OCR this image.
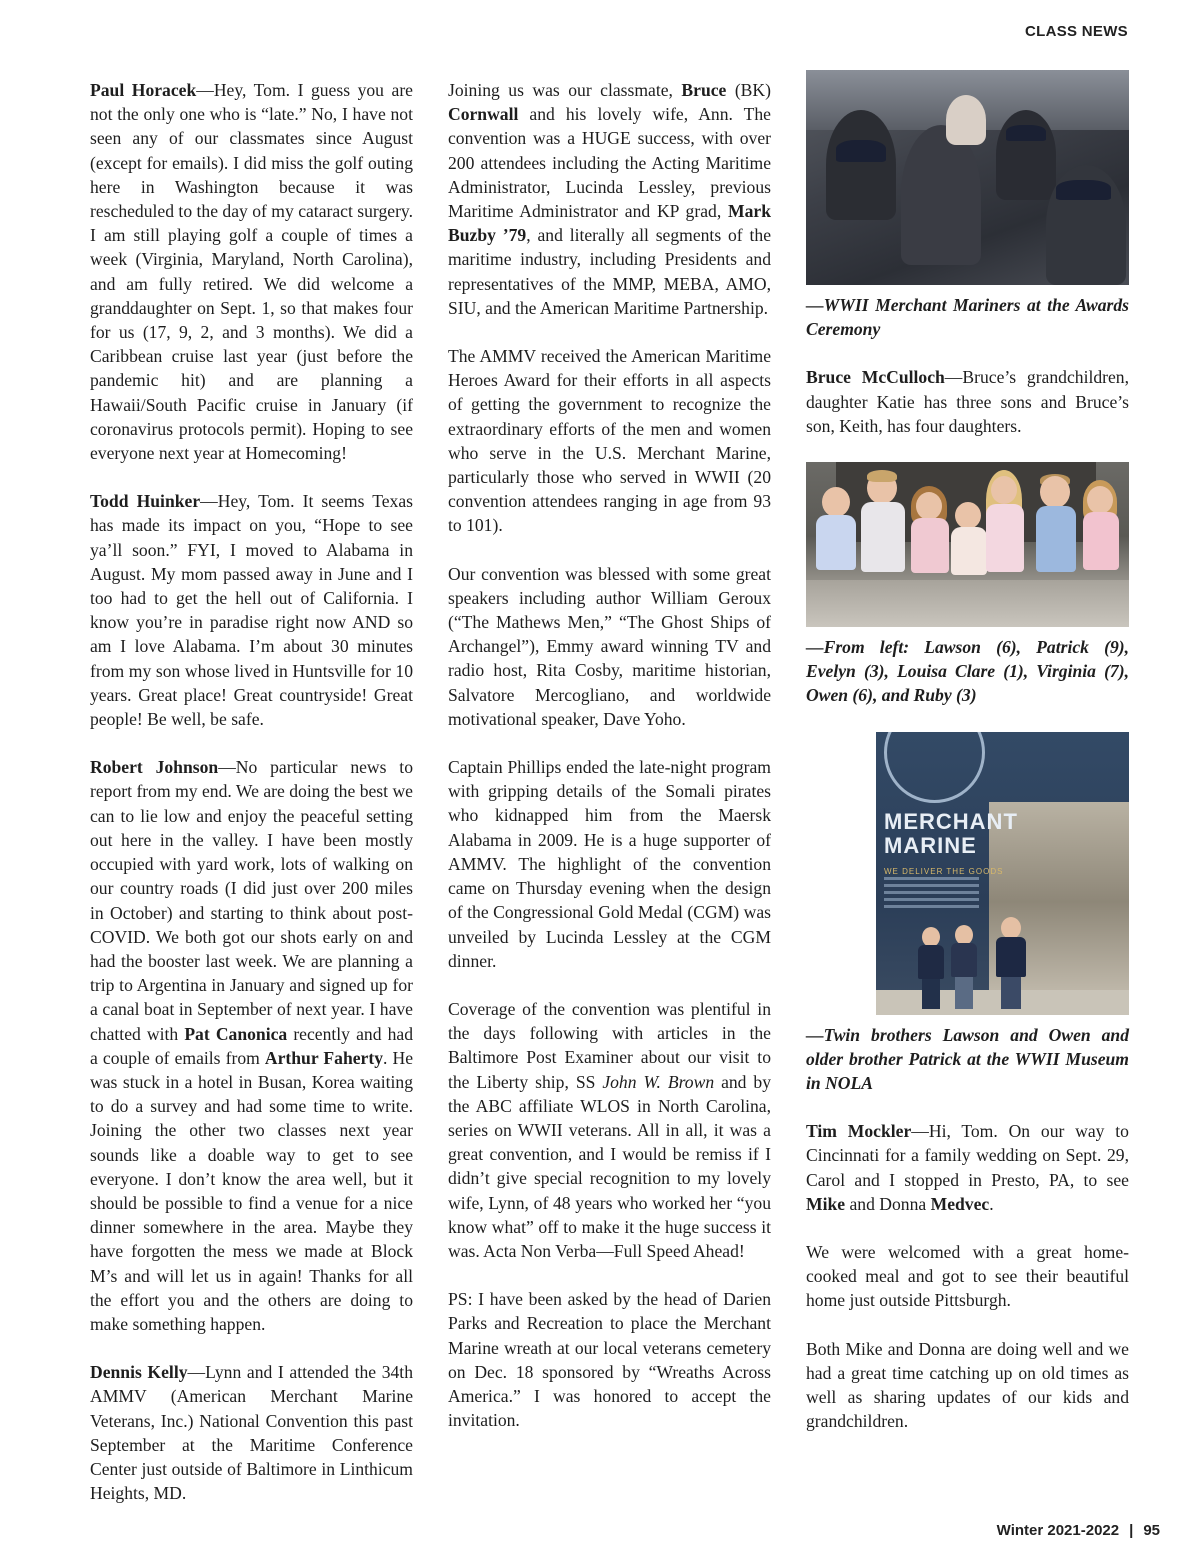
CLASS NEWS

Paul Horacek—Hey, Tom. I guess you are not the only one who is “late.” No, I have not seen any of our classmates since August (except for emails). I did miss the golf outing here in Washington because it was rescheduled to the day of my cataract surgery. I am still playing golf a couple of times a week (Virginia, Maryland, North Carolina), and am fully retired. We did welcome a granddaughter on Sept. 1, so that makes four for us (17, 9, 2, and 3 months). We did a Caribbean cruise last year (just before the pandemic hit) and are planning a Hawaii/South Pacific cruise in January (if coronavirus protocols permit). Hoping to see everyone next year at Homecoming!

Todd Huinker—Hey, Tom. It seems Texas has made its impact on you, “Hope to see ya’ll soon.” FYI, I moved to Alabama in August. My mom passed away in June and I too had to get the hell out of California. I know you’re in paradise right now AND so am I love Alabama. I’m about 30 minutes from my son whose lived in Huntsville for 10 years. Great place! Great countryside! Great people! Be well, be safe.

Robert Johnson—No particular news to report from my end. We are doing the best we can to lie low and enjoy the peaceful setting out here in the valley. I have been mostly occupied with yard work, lots of walking on our country roads (I did just over 200 miles in October) and starting to think about post-COVID. We both got our shots early on and had the booster last week. We are planning a trip to Argentina in January and signed up for a canal boat in September of next year. I have chatted with Pat Canonica recently and had a couple of emails from Arthur Faherty. He was stuck in a hotel in Busan, Korea waiting to do a survey and had some time to write. Joining the other two classes next year sounds like a doable way to get to see everyone. I don’t know the area well, but it should be possible to find a venue for a nice dinner somewhere in the area. Maybe they have forgotten the mess we made at Block M’s and will let us in again! Thanks for all the effort you and the others are doing to make something happen.

Dennis Kelly—Lynn and I attended the 34th AMMV (American Merchant Marine Veterans, Inc.) National Convention this past September at the Maritime Conference Center just outside of Baltimore in Linthicum Heights, MD.

Joining us was our classmate, Bruce (BK) Cornwall and his lovely wife, Ann. The convention was a HUGE success, with over 200 attendees including the Acting Maritime Administrator, Lucinda Lessley, previous Maritime Administrator and KP grad, Mark Buzby ’79, and literally all segments of the maritime industry, including Presidents and representatives of the MMP, MEBA, AMO, SIU, and the American Maritime Partnership.

The AMMV received the American Maritime Heroes Award for their efforts in all aspects of getting the government to recognize the extraordinary efforts of the men and women who serve in the U.S. Merchant Marine, particularly those who served in WWII (20 convention attendees ranging in age from 93 to 101).

Our convention was blessed with some great speakers including author William Geroux (“The Mathews Men,” “The Ghost Ships of Archangel”), Emmy award winning TV and radio host, Rita Cosby, maritime historian, Salvatore Mercogliano, and worldwide motivational speaker, Dave Yoho.

Captain Phillips ended the late-night program with gripping details of the Somali pirates who kidnapped him from the Maersk Alabama in 2009. He is a huge supporter of AMMV. The highlight of the convention came on Thursday evening when the design of the Congressional Gold Medal (CGM) was unveiled by Lucinda Lessley at the CGM dinner.

Coverage of the convention was plentiful in the days following with articles in the Baltimore Post Examiner about our visit to the Liberty ship, SS John W. Brown and by the ABC affiliate WLOS in North Carolina, series on WWII veterans. All in all, it was a great convention, and I would be remiss if I didn’t give special recognition to my lovely wife, Lynn, of 48 years who worked her “you know what” off to make it the huge success it was. Acta Non Verba—Full Speed Ahead!

PS: I have been asked by the head of Darien Parks and Recreation to place the Merchant Marine wreath at our local veterans cemetery on Dec. 18 sponsored by “Wreaths Across America.” I was honored to accept the invitation.

—WWII Merchant Mariners at the Awards Ceremony

Bruce McCulloch—Bruce’s grandchildren, daughter Katie has three sons and Bruce’s son, Keith, has four daughters.

—From left: Lawson (6), Patrick (9), Evelyn (3), Louisa Clare (1), Virginia (7), Owen (6), and Ruby (3)
MERCHANT
MARINE
WE DELIVER THE GOODS
—Twin brothers Lawson and Owen and older brother Patrick at the WWII Museum in NOLA

Tim Mockler—Hi, Tom. On our way to Cincinnati for a family wedding on Sept. 29, Carol and I stopped in Presto, PA, to see Mike and Donna Medvec.

We were welcomed with a great home-cooked meal and got to see their beautiful home just outside Pittsburgh.

Both Mike and Donna are doing well and we had a great time catching up on old times as well as sharing updates of our kids and grandchildren.

Winter 2021-2022 | 95
